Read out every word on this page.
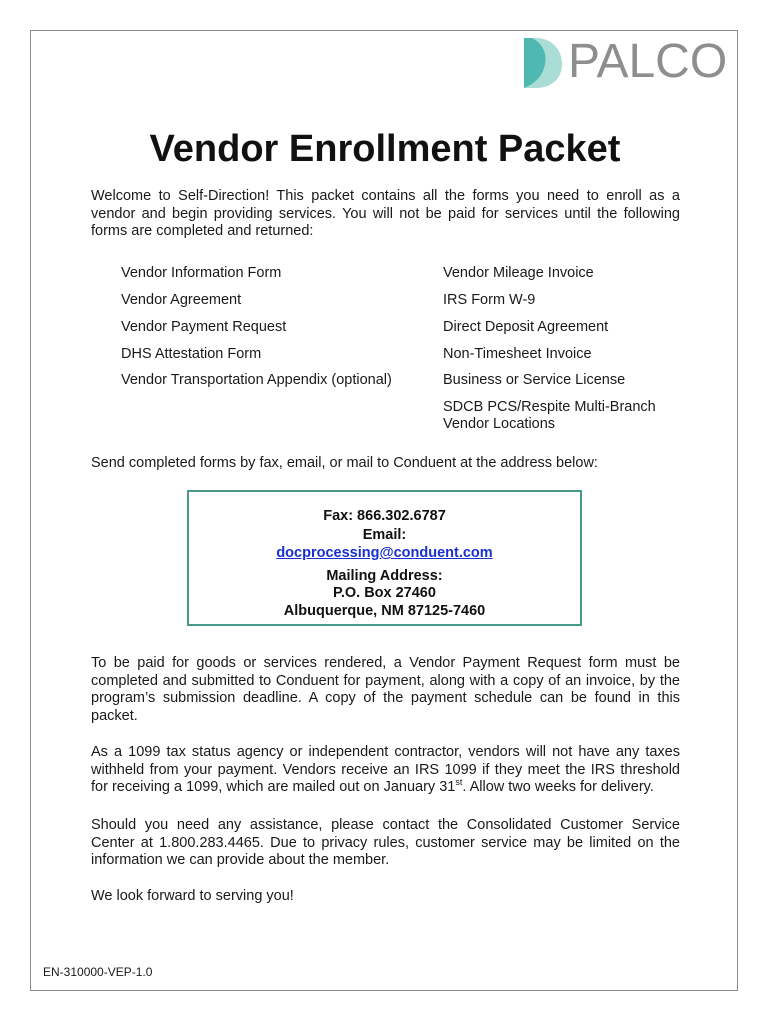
PALCO
Vendor Enrollment Packet

Welcome to Self-Direction! This packet contains all the forms you need to enroll as a vendor and begin providing services. You will not be paid for services until the following forms are completed and returned:

Vendor Information Form
Vendor Agreement
Vendor Payment Request
DHS Attestation Form
Vendor Transportation Appendix (optional)
Vendor Mileage Invoice
IRS Form W-9
Direct Deposit Agreement
Non-Timesheet Invoice
Business or Service License
SDCB PCS/Respite Multi-Branch
Vendor Locations

Send completed forms by fax, email, or mail to Conduent at the address below:

Fax: 866.302.6787
Email:
docprocessing@conduent.com
Mailing Address:
P.O. Box 27460
Albuquerque, NM 87125-7460

To be paid for goods or services rendered, a Vendor Payment Request form must be completed and submitted to Conduent for payment, along with a copy of an invoice, by the program’s submission deadline. A copy of the payment schedule can be found in this packet.

As a 1099 tax status agency or independent contractor, vendors will not have any taxes withheld from your payment. Vendors receive an IRS 1099 if they meet the IRS threshold for receiving a 1099, which are mailed out on January 31st. Allow two weeks for delivery.

Should you need any assistance, please contact the Consolidated Customer Service Center at 1.800.283.4465. Due to privacy rules, customer service may be limited on the information we can provide about the member.

We look forward to serving you!

EN-310000-VEP-1.0
